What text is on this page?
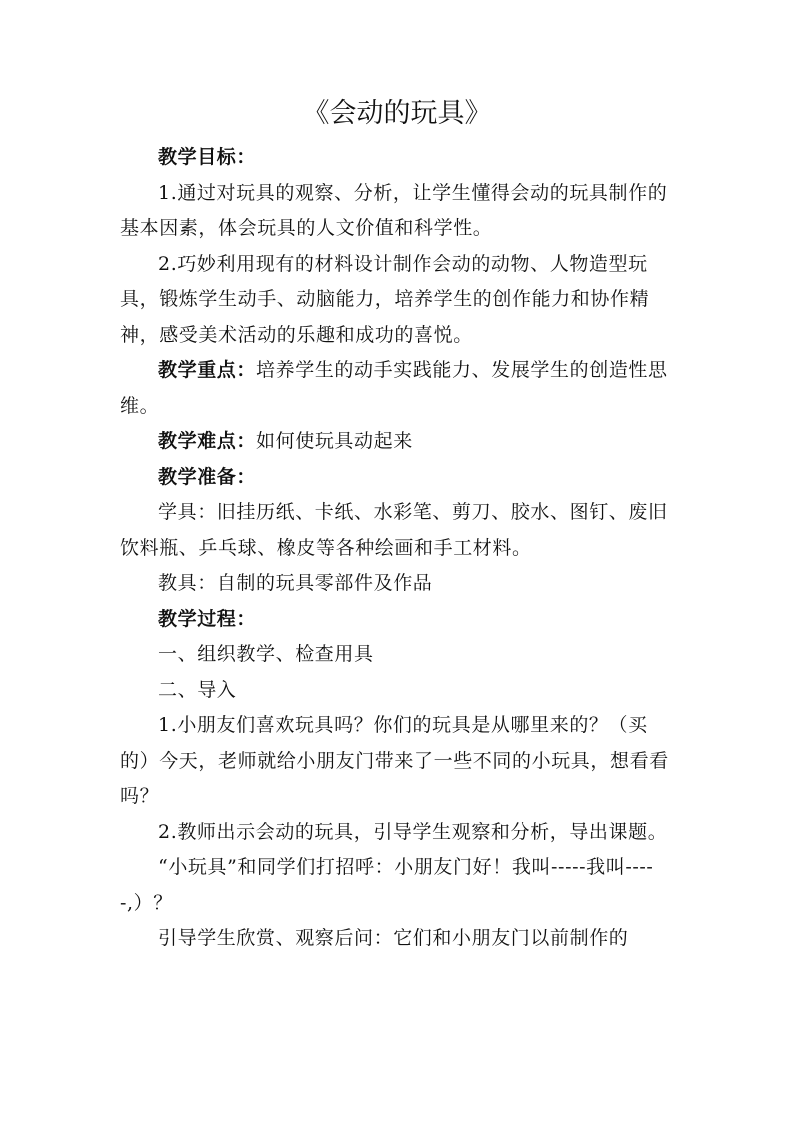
《会动的玩具》

教学目标：

1.通过对玩具的观察、分析，让学生懂得会动的玩具制作的基本因素，体会玩具的人文价值和科学性。

2.巧妙利用现有的材料设计制作会动的动物、人物造型玩具，锻炼学生动手、动脑能力，培养学生的创作能力和协作精神，感受美术活动的乐趣和成功的喜悦。

教学重点：培养学生的动手实践能力、发展学生的创造性思维。

教学难点：如何使玩具动起来

教学准备：

学具：旧挂历纸、卡纸、水彩笔、剪刀、胶水、图钉、废旧饮料瓶、乒乓球、橡皮等各种绘画和手工材料。

教具：自制的玩具零部件及作品

教学过程：

一、组织教学、检查用具

二、导入

1.小朋友们喜欢玩具吗？你们的玩具是从哪里来的？（买的）今天，老师就给小朋友门带来了一些不同的小玩具，想看看吗？

2.教师出示会动的玩具，引导学生观察和分析，导出课题。

“小玩具”和同学们打招呼：小朋友门好！我叫-----我叫-----,）？

引导学生欣赏、观察后问：它们和小朋友门以前制作的
